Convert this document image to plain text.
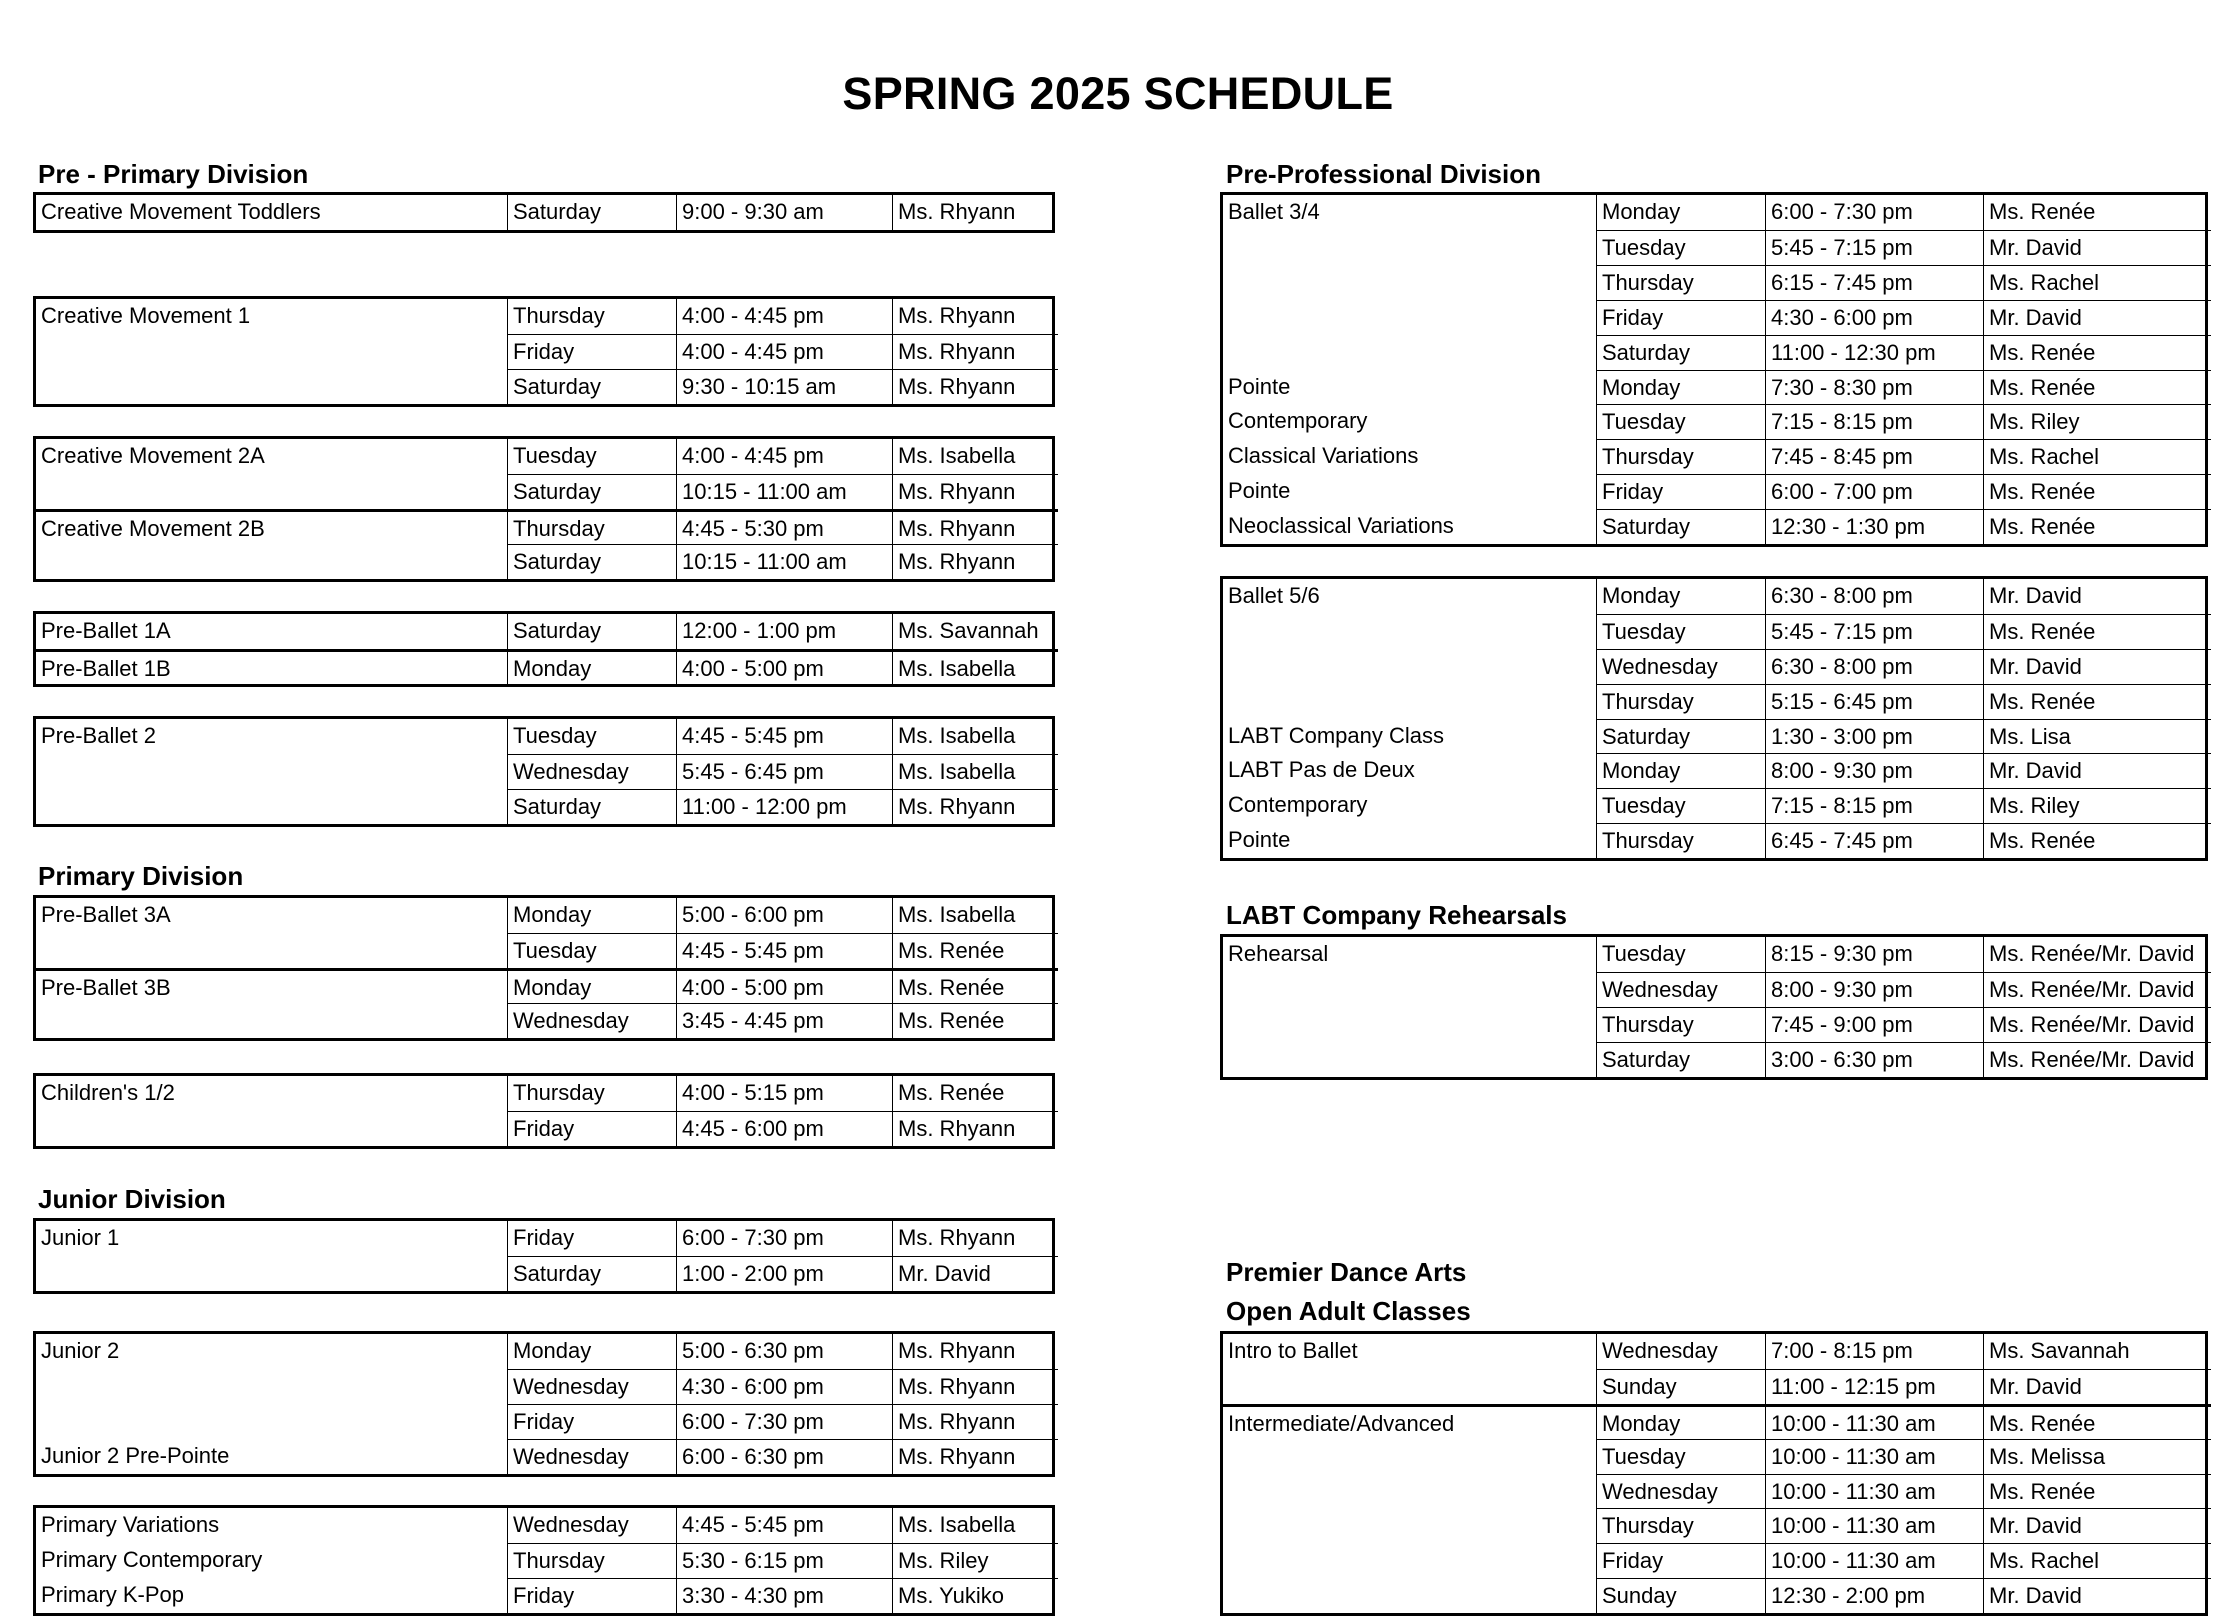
SPRING 2025 SCHEDULE
Pre - Primary Division
Creative Movement Toddlers	Saturday	9:00 - 9:30 am	Ms. Rhyann
Creative Movement 1	Thursday	4:00 - 4:45 pm	Ms. Rhyann
Friday	4:00 - 4:45 pm	Ms. Rhyann
Saturday	9:30 - 10:15 am	Ms. Rhyann
Creative Movement 2A	Tuesday	4:00 - 4:45 pm	Ms. Isabella
Saturday	10:15 - 11:00 am	Ms. Rhyann
Creative Movement 2B	Thursday	4:45 - 5:30 pm	Ms. Rhyann
Saturday	10:15 - 11:00 am	Ms. Rhyann
Pre-Ballet 1A	Saturday	12:00 - 1:00 pm	Ms. Savannah
Pre-Ballet 1B	Monday	4:00 - 5:00 pm	Ms. Isabella
Pre-Ballet 2	Tuesday	4:45 - 5:45 pm	Ms. Isabella
Wednesday	5:45 - 6:45 pm	Ms. Isabella
Saturday	11:00 - 12:00 pm	Ms. Rhyann
Primary Division
Pre-Ballet 3A	Monday	5:00 - 6:00 pm	Ms. Isabella
Tuesday	4:45 - 5:45 pm	Ms. Renée
Pre-Ballet 3B	Monday	4:00 - 5:00 pm	Ms. Renée
Wednesday	3:45 - 4:45 pm	Ms. Renée
Children's 1/2	Thursday	4:00 - 5:15 pm	Ms. Renée
Friday	4:45 - 6:00 pm	Ms. Rhyann
Junior Division
Junior 1	Friday	6:00 - 7:30 pm	Ms. Rhyann
Saturday	1:00 - 2:00 pm	Mr. David
Junior 2	Monday	5:00 - 6:30 pm	Ms. Rhyann
Wednesday	4:30 - 6:00 pm	Ms. Rhyann
Friday	6:00 - 7:30 pm	Ms. Rhyann
Junior 2 Pre-Pointe	Wednesday	6:00 - 6:30 pm	Ms. Rhyann
Primary Variations	Wednesday	4:45 - 5:45 pm	Ms. Isabella
Primary Contemporary	Thursday	5:30 - 6:15 pm	Ms. Riley
Primary K-Pop	Friday	3:30 - 4:30 pm	Ms. Yukiko
Pre-Professional Division
Ballet 3/4	Monday	6:00 - 7:30 pm	Ms. Renée
Tuesday	5:45 - 7:15 pm	Mr. David
Thursday	6:15 - 7:45 pm	Ms. Rachel
Friday	4:30 - 6:00 pm	Mr. David
Saturday	11:00 - 12:30 pm	Ms. Renée
Pointe	Monday	7:30 - 8:30 pm	Ms. Renée
Contemporary	Tuesday	7:15 - 8:15 pm	Ms. Riley
Classical Variations	Thursday	7:45 - 8:45 pm	Ms. Rachel
Pointe	Friday	6:00 - 7:00 pm	Ms. Renée
Neoclassical Variations	Saturday	12:30 - 1:30 pm	Ms. Renée
Ballet 5/6	Monday	6:30 - 8:00 pm	Mr. David
Tuesday	5:45 - 7:15 pm	Ms. Renée
Wednesday	6:30 - 8:00 pm	Mr. David
Thursday	5:15 - 6:45 pm	Ms. Renée
LABT Company Class	Saturday	1:30 - 3:00 pm	Ms. Lisa
LABT Pas de Deux	Monday	8:00 - 9:30 pm	Mr. David
Contemporary	Tuesday	7:15 - 8:15 pm	Ms. Riley
Pointe	Thursday	6:45 - 7:45 pm	Ms. Renée
LABT Company Rehearsals
Rehearsal	Tuesday	8:15 - 9:30 pm	Ms. Renée/Mr. David
Wednesday	8:00 - 9:30 pm	Ms. Renée/Mr. David
Thursday	7:45 - 9:00 pm	Ms. Renée/Mr. David
Saturday	3:00 - 6:30 pm	Ms. Renée/Mr. David
Premier Dance Arts
Open Adult Classes
Intro to Ballet	Wednesday	7:00 - 8:15 pm	Ms. Savannah
Sunday	11:00 - 12:15 pm	Mr. David
Intermediate/Advanced	Monday	10:00 - 11:30 am	Ms. Renée
Tuesday	10:00 - 11:30 am	Ms. Melissa
Wednesday	10:00 - 11:30 am	Ms. Renée
Thursday	10:00 - 11:30 am	Mr. David
Friday	10:00 - 11:30 am	Ms. Rachel
Sunday	12:30 - 2:00 pm	Mr. David
